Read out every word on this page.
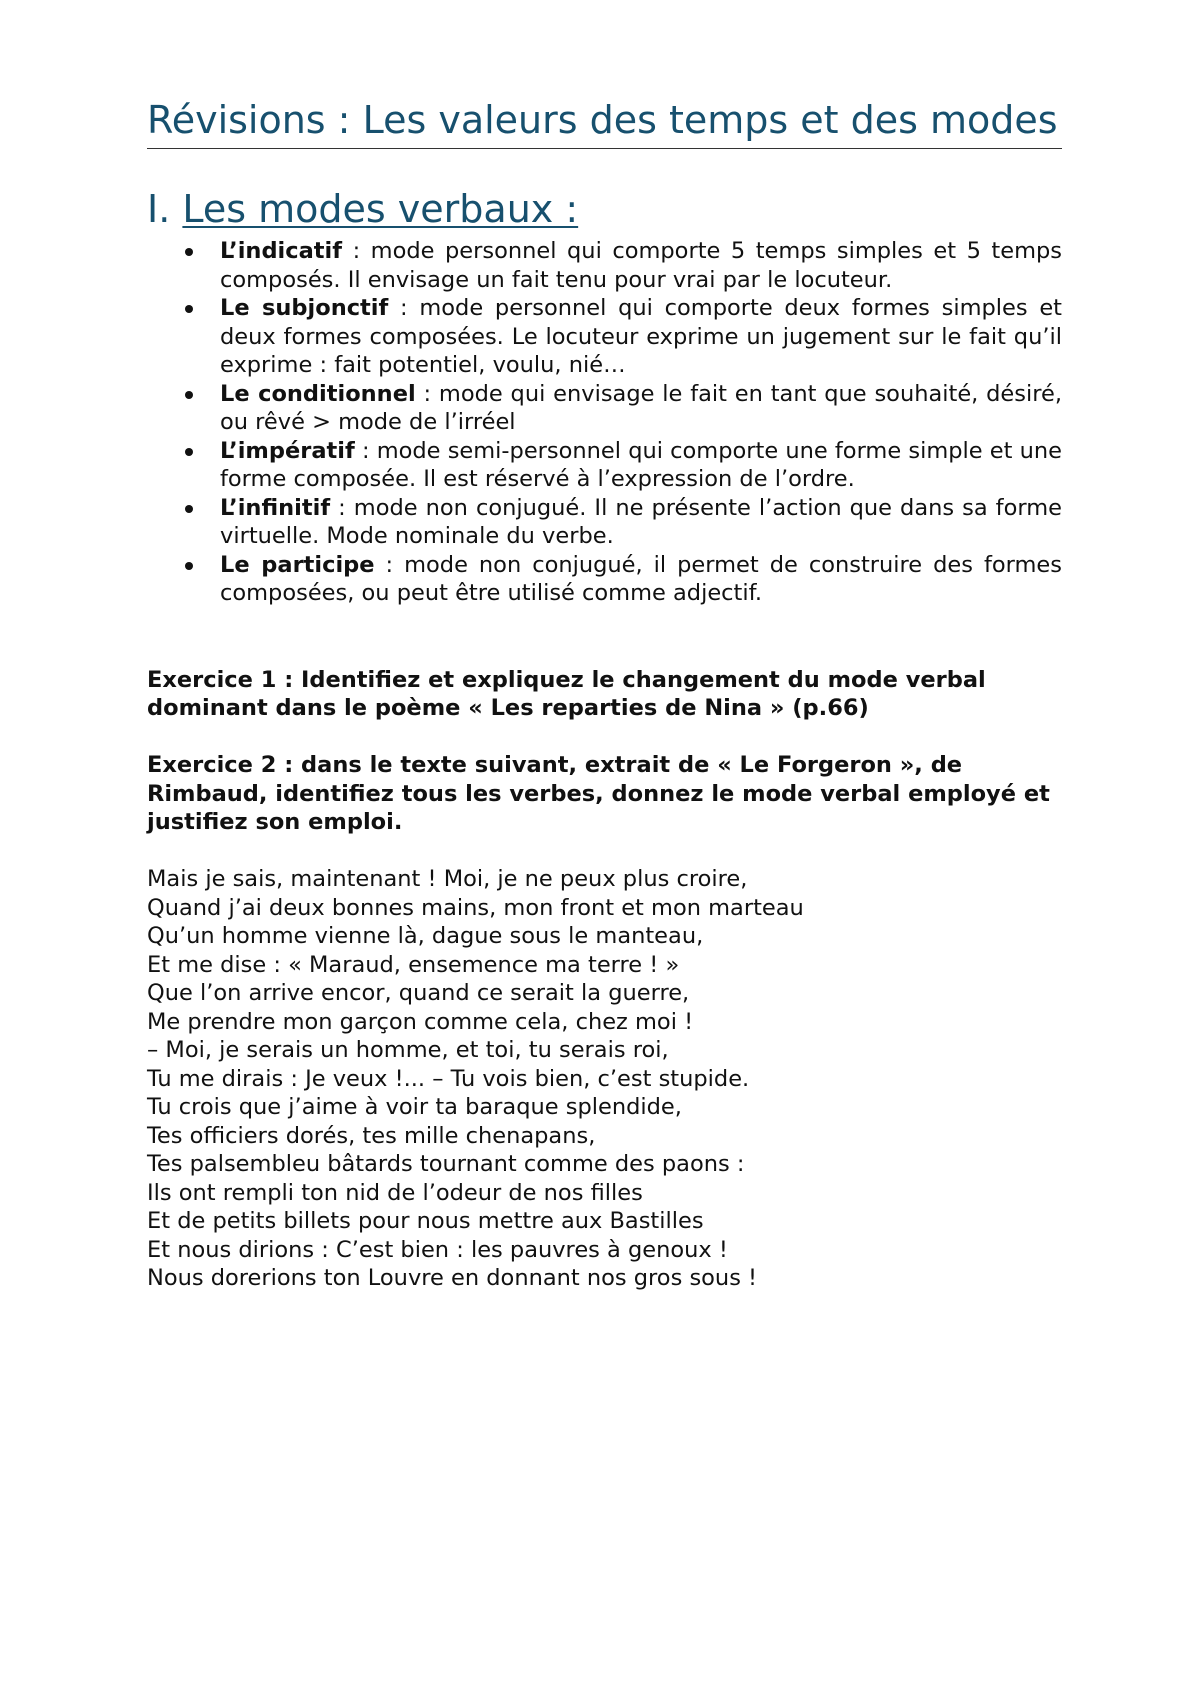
Révisions : Les valeurs des temps et des modes
I. Les modes verbaux :
L’indicatif : mode personnel qui comporte 5 temps simples et 5 temps composés. Il envisage un fait tenu pour vrai par le locuteur.
Le subjonctif : mode personnel qui comporte deux formes simples et deux formes composées. Le locuteur exprime un jugement sur le fait qu’il exprime : fait potentiel, voulu, nié…
Le conditionnel : mode qui envisage le fait en tant que souhaité, désiré, ou rêvé > mode de l’irréel
L’impératif : mode semi-personnel qui comporte une forme simple et une forme composée. Il est réservé à l’expression de l’ordre.
L’infinitif : mode non conjugué. Il ne présente l’action que dans sa forme virtuelle. Mode nominale du verbe.
Le participe : mode non conjugué, il permet de construire des formes composées, ou peut être utilisé comme adjectif.

Exercice 1 : Identifiez et expliquez le changement du mode verbal dominant dans le poème « Les reparties de Nina » (p.66)

Exercice 2 : dans le texte suivant, extrait de « Le Forgeron », de Rimbaud, identifiez tous les verbes, donnez le mode verbal employé et justifiez son emploi.

Mais je sais, maintenant ! Moi, je ne peux plus croire,
Quand j’ai deux bonnes mains, mon front et mon marteau
Qu’un homme vienne là, dague sous le manteau,
Et me dise : « Maraud, ensemence ma terre ! »
Que l’on arrive encor, quand ce serait la guerre,
Me prendre mon garçon comme cela, chez moi !
– Moi, je serais un homme, et toi, tu serais roi,
Tu me dirais : Je veux !... – Tu vois bien, c’est stupide.
Tu crois que j’aime à voir ta baraque splendide,
Tes officiers dorés, tes mille chenapans,
Tes palsembleu bâtards tournant comme des paons :
Ils ont rempli ton nid de l’odeur de nos filles
Et de petits billets pour nous mettre aux Bastilles
Et nous dirions : C’est bien : les pauvres à genoux !
Nous dorerions ton Louvre en donnant nos gros sous !
